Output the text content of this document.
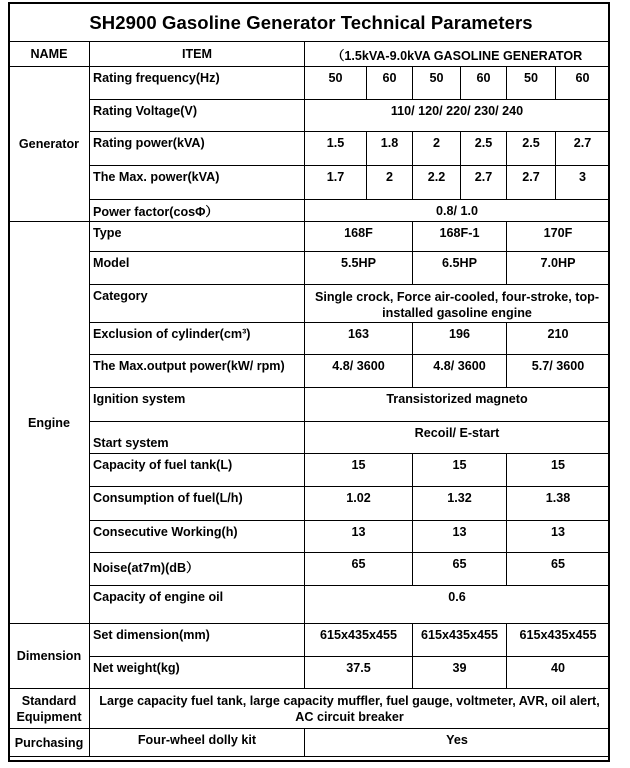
SH2900 Gasoline Generator Technical Parameters
NAME	ITEM	（1.5kVA-9.0kVA GASOLINE GENERATOR					
Generator	Rating frequency(Hz)	50	60	50	60	50	60
	Rating Voltage(V)	110/ 120/ 220/ 230/ 240					
	Rating power(kVA)	1.5	1.8	2	2.5	2.5	2.7
	The Max. power(kVA)	1.7	2	2.2	2.7	2.7	3
	Power factor(cosΦ）	0.8/ 1.0					
Engine	Type	168F		168F-1		170F	
	Model	5.5HP		6.5HP		7.0HP	
	Category	Single crock, Force air-cooled, four-stroke, top-installed gasoline engine					
	Exclusion of cylinder(cm³)	163		196		210	
	The Max.output power(kW/ rpm)	4.8/ 3600		4.8/ 3600		5.7/ 3600	
	Ignition system	Transistorized magneto					
	Start system	Recoil/ E-start					
	Capacity of fuel tank(L)	15		15		15	
	Consumption of fuel(L/h)	1.02		1.32		1.38	
	Consecutive Working(h)	13		13		13	
	Noise(at7m)(dB）	65		65		65	
	Capacity of engine oil	0.6					
Dimension	Set dimension(mm)	615x435x455		615x435x455		615x435x455	
	Net weight(kg)	37.5		39		40	
Standard Equipment	Large capacity fuel tank, large capacity muffler, fuel gauge, voltmeter, AVR, oil alert, AC circuit breaker						
Purchasing	Four-wheel dolly kit	Yes					
